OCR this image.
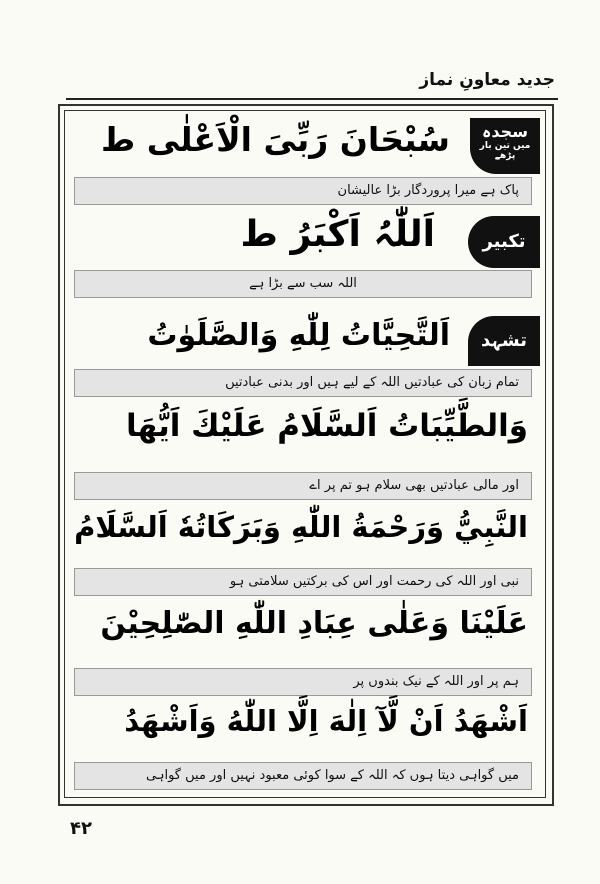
جدید معاونِ نماز
سجدہ
میں تین بار پڑھے
سُبْحَانَ رَبِّیَ الْاَعْلٰی ط
پاک ہے میرا پروردگار بڑا عالیشان
تکبیر
اَللّٰہُ اَکْبَرُ ط
اللہ سب سے بڑا ہے
تشہد
اَلتَّحِيَّاتُ لِلّٰهِ وَالصَّلَوٰتُ
تمام زبان کی عبادتیں اللہ کے لیے ہیں اور بدنی عبادتیں
وَالطَّيِّبَاتُ اَلسَّلَامُ عَلَيْكَ اَيُّهَا
اور مالی عبادتیں بھی سلام ہو تم پر اے
النَّبِيُّ وَرَحْمَةُ اللّٰهِ وَبَرَكَاتُهٗ اَلسَّلَامُ
نبی اور اللہ کی رحمت اور اس کی برکتیں سلامتی ہو
عَلَيْنَا وَعَلٰی عِبَادِ اللّٰهِ الصّٰلِحِيْنَ
ہم پر اور اللہ کے نیک بندوں پر
اَشْهَدُ اَنْ لَّآ اِلٰهَ اِلَّا اللّٰهُ وَاَشْهَدُ
میں گواہی دیتا ہوں کہ اللہ کے سوا کوئی معبود نہیں اور میں گواہی
۴۲
